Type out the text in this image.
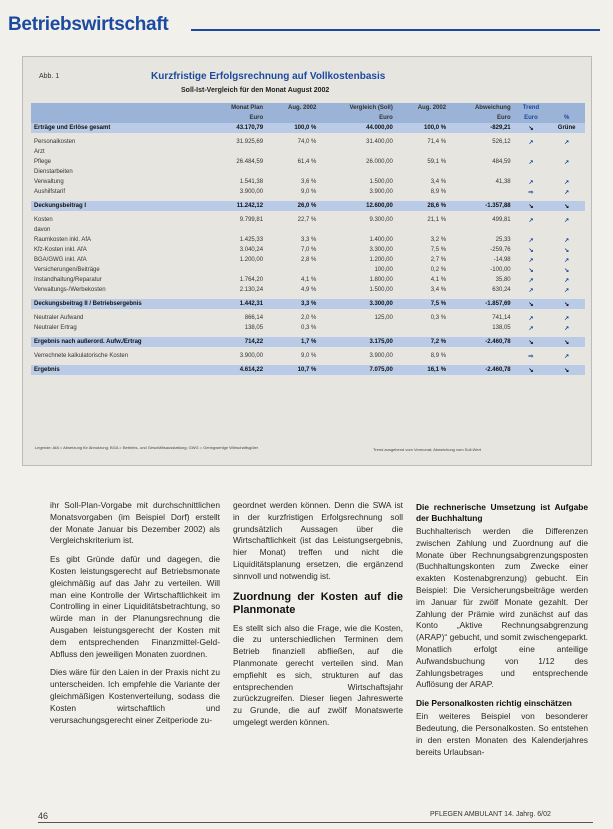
Betriebswirtschaft
Abb. 1	Kurzfristige Erfolgsrechnung auf Vollkostenbasis
Soll-Ist-Vergleich für den Monat August 2002
	Monat Plan	Aug. 2002	Vergleich (Soll)	Aug. 2002	Abweichung	Trend	
	Euro		Euro		Euro	Euro	%
Erträge und Erlöse gesamt	43.170,79	100,0 %	44.000,00	100,0 %	-829,21	↘	Grüne

Personalkosten	31.925,69	74,0 %	31.400,00	71,4 %	526,12	↗	↗
Arzt							
Pflege	26.484,59	61,4 %	26.000,00	59,1 %	484,59	↗	↗
Dienstarbeiten							
Verwaltung	1.541,38	3,6 %	1.500,00	3,4 %	41,38	↗	↗
Aushilfstarif	3.900,00	9,0 %	3.900,00	8,9 %		⇨	↗

Deckungsbeitrag I	11.242,12	26,0 %	12.600,00	28,6 %	-1.357,88	↘	↘

Kosten	9.799,81	22,7 %	9.300,00	21,1 %	499,81	↗	↗
davon							
Raumkosten inkl. AfA	1.425,33	3,3 %	1.400,00	3,2 %	25,33	↗	↗
Kfz-Kosten inkl. AfA	3.040,24	7,0 %	3.300,00	7,5 %	-259,76	↘	↘
BGA/GWG inkl. AfA	1.200,00	2,8 %	1.200,00	2,7 %	-14,98	↗	↗
Versicherungen/Beiträge			100,00	0,2 %	-100,00	↘	↘
Instandhaltung/Reparatur	1.764,20	4,1 %	1.800,00	4,1 %	35,80	↗	↗
Verwaltungs-/Werbekosten	2.130,24	4,9 %	1.500,00	3,4 %	630,24	↗	↗

Deckungsbeitrag II / Betriebsergebnis	1.442,31	3,3 %	3.300,00	7,5 %	-1.857,69	↘	↘

Neutraler Aufwand	866,14	2,0 %	125,00	0,3 %	741,14	↗	↗
Neutraler Ertrag	138,05	0,3 %			138,05	↗	↗

Ergebnis nach außerord. Aufw./Ertrag	714,22	1,7 %	3.175,00	7,2 %	-2.460,78	↘	↘

Verrechnete kalkulatorische Kosten	3.900,00	9,0 %	3.900,00	8,9 %		⇨	↗

Ergebnis	4.614,22	10,7 %	7.075,00	16,1 %	-2.460,78	↘	↘
Legende: AfA = Absetzung für Abnutzung; BGA = Betriebs- und Geschäftsausstattung; GWG = Geringwertige Wirtschaftsgüter	Trend ausgehend vom Vormonat; Abweichung vom Soll-Wert

ihr Soll-Plan-Vorgabe mit durchschnittlichen Monatsvorgaben (im Beispiel Dorf) erstellt der Monate Januar bis Dezember 2002) als Vergleichskriterium ist.

Es gibt Gründe dafür und dagegen, die Kosten leistungsgerecht auf Betriebsmonate gleichmäßig auf das Jahr zu verteilen. Will man eine Kontrolle der Wirtschaftlichkeit im Controlling in einer Liquiditätsbetrachtung, so würde man in der Planungsrechnung die Ausgaben leistungsgerecht der Kosten mit dem entsprechenden Finanzmittel-Geld-Abfluss den jeweiligen Monaten zuordnen.

Dies wäre für den Laien in der Praxis nicht zu unterscheiden. Ich empfehle die Variante der gleichmäßigen Kostenverteilung, sodass die Kosten wirtschaftlich und verursachungsgerecht einer Zeitperiode zu-

geordnet werden können. Denn die SWA ist in der kurzfristigen Erfolgsrechnung soll grundsätzlich Aussagen über die Wirtschaftlichkeit (ist das Leistungsergebnis, hier Monat) treffen und nicht die Liquiditätsplanung ersetzen, die ergänzend sinnvoll und notwendig ist.

Zuordnung der Kosten auf die Planmonate

Es stellt sich also die Frage, wie die Kosten, die zu unterschiedlichen Terminen dem Betrieb finanziell abfließen, auf die Planmonate gerecht verteilen sind. Man empfiehlt es sich, strukturen auf das entsprechenden Wirtschaftsjahr zurückzugreifen. Dieser liegen Jahreswerte zu Grunde, die auf zwölf Monatswerte umgelegt werden können.

Die rechnerische Umsetzung ist Aufgabe der Buchhaltung

Buchhalterisch werden die Differenzen zwischen Zahlung und Zuordnung auf die Monate über Rechnungsabgrenzungsposten (Buchhaltungskonten zum Zwecke einer exakten Kostenabgrenzung) gebucht. Ein Beispiel: Die Versicherungsbeiträge werden im Januar für zwölf Monate gezahlt. Der Zahlung der Prämie wird zunächst auf das Konto „Aktive Rechnungsabgrenzung (ARAP)“ gebucht, und somit zwischengeparkt. Monatlich erfolgt eine anteilige Aufwandsbuchung von 1/12 des Zahlungsbetrages und entsprechende Auflösung der ARAP.

Die Personalkosten richtig einschätzen

Ein weiteres Beispiel von besonderer Bedeutung, die Personalkosten. So entstehen in den ersten Monaten des Kalenderjahres bereits Urlaubsan-

46	PFLEGEN AMBULANT 14. Jahrg. 6/02
